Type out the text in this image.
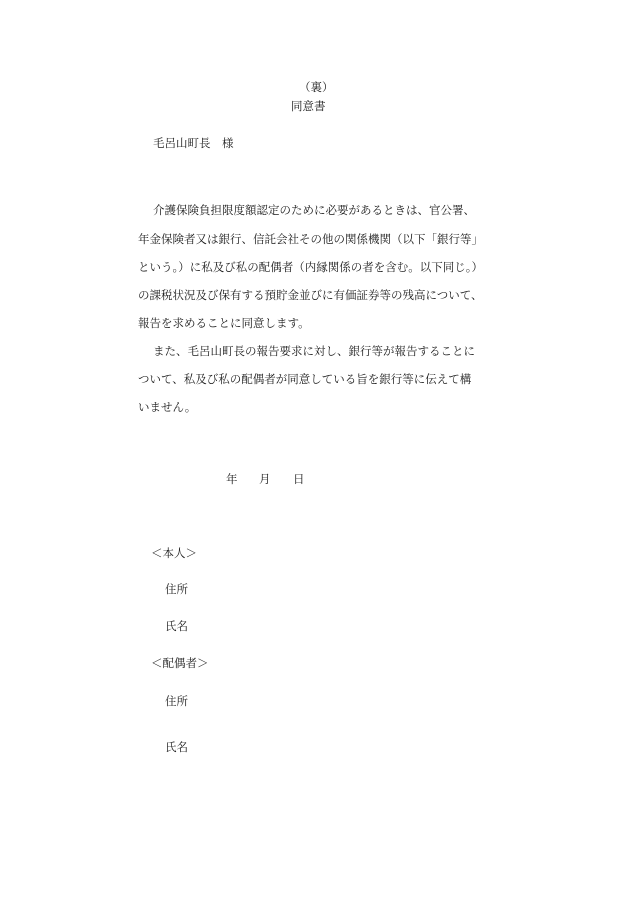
（裏）
同意書
毛呂山町長　様
介護保険負担限度額認定のために必要があるときは、官公署、
年金保険者又は銀行、信託会社その他の関係機関（以下「銀行等」
という。）に私及び私の配偶者（内縁関係の者を含む。以下同じ。）
の課税状況及び保有する預貯金並びに有価証券等の残高について、
報告を求めることに同意します。
また、毛呂山町長の報告要求に対し、銀行等が報告することに
ついて、私及び私の配偶者が同意している旨を銀行等に伝えて構
いません。
年 月 日
＜本人＞
住所
氏名
＜配偶者＞
住所
氏名
